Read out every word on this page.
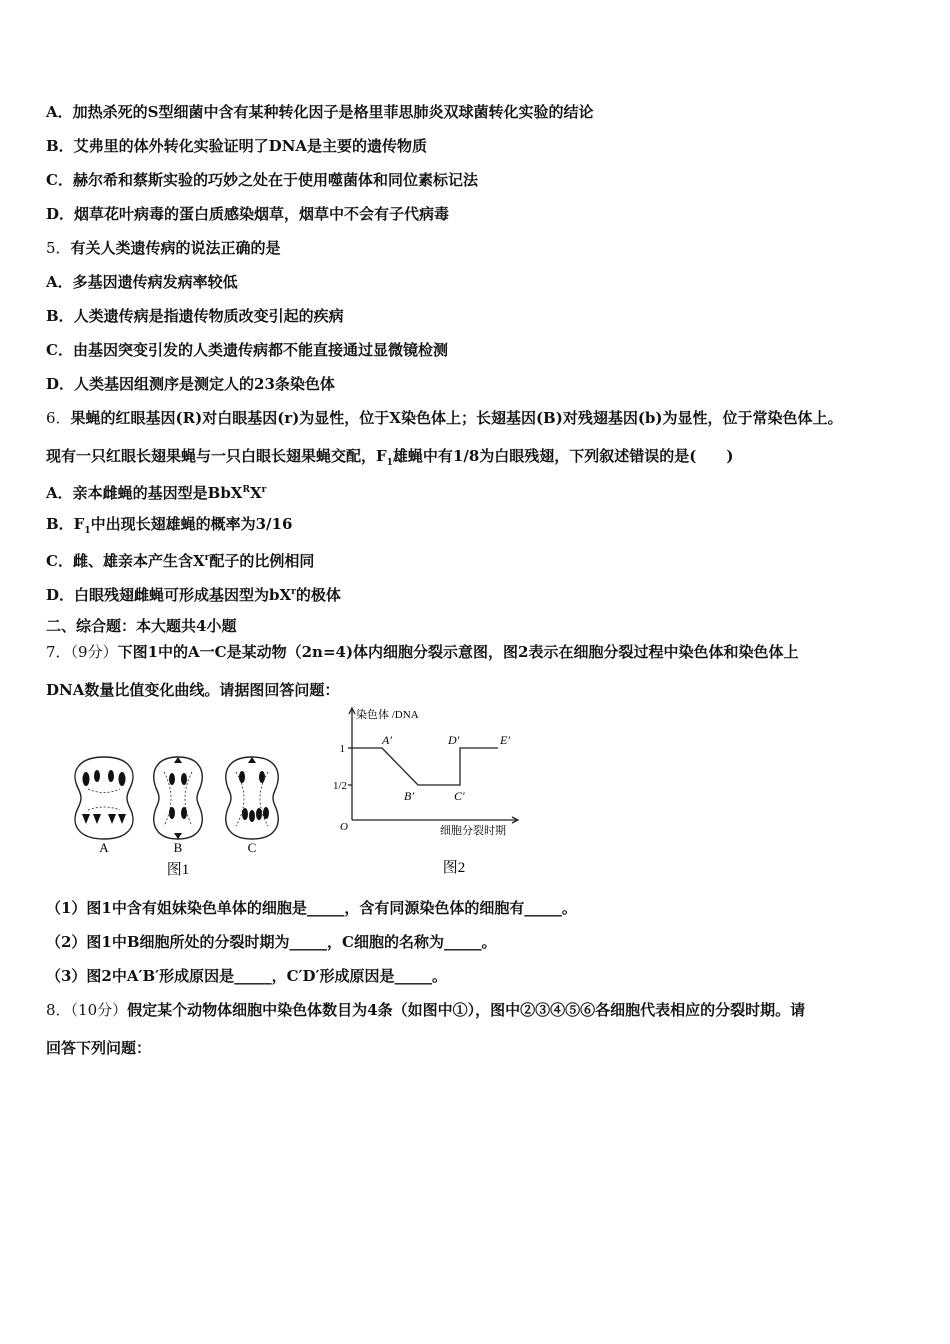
A．加热杀死的S型细菌中含有某种转化因子是格里菲思肺炎双球菌转化实验的结论
B．艾弗里的体外转化实验证明了DNA是主要的遗传物质
C．赫尔希和蔡斯实验的巧妙之处在于使用噬菌体和同位素标记法
D．烟草花叶病毒的蛋白质感染烟草，烟草中不会有子代病毒
5．有关人类遗传病的说法正确的是
A．多基因遗传病发病率较低
B．人类遗传病是指遗传物质改变引起的疾病
C．由基因突变引发的人类遗传病都不能直接通过显微镜检测
D．人类基因组测序是测定人的23条染色体
6．果蝇的红眼基因(R)对白眼基因(r)为显性，位于X染色体上；长翅基因(B)对残翅基因(b)为显性，位于常染色体上。
现有一只红眼长翅果蝇与一只白眼长翅果蝇交配，$F_1$雄蝇中有1/8为白眼残翅，下列叙述错误的是(　　)
A．亲本雌蝇的基因型是$BbX^RX^r$
B．$F_1$中出现长翅雄蝇的概率为3/16
C．雌、雄亲本产生含$X^r$配子的比例相同
D．白眼残翅雌蝇可形成基因型为$bX^r$的极体
二、综合题：本大题共4小题
7．（9分）下图1中的A一C是某动物（2n=4)体内细胞分裂示意图，图2表示在细胞分裂过程中染色体和染色体上
DNA数量比值变化曲线。请据图回答问题：
A	B	C
图1
染色体 /DNA
细胞分裂时期
O
1
1/2
A′
B′	C′
D′	E′
图2
（1）图1中含有姐妹染色单体的细胞是_____，含有同源染色体的细胞有_____。
（2）图1中B细胞所处的分裂时期为_____，C细胞的名称为_____。
（3）图2中A′B′形成原因是_____，C′D′形成原因是_____。
8．（10分）假定某个动物体细胞中染色体数目为4条（如图中①），图中②③④⑤⑥各细胞代表相应的分裂时期。请
回答下列问题：
